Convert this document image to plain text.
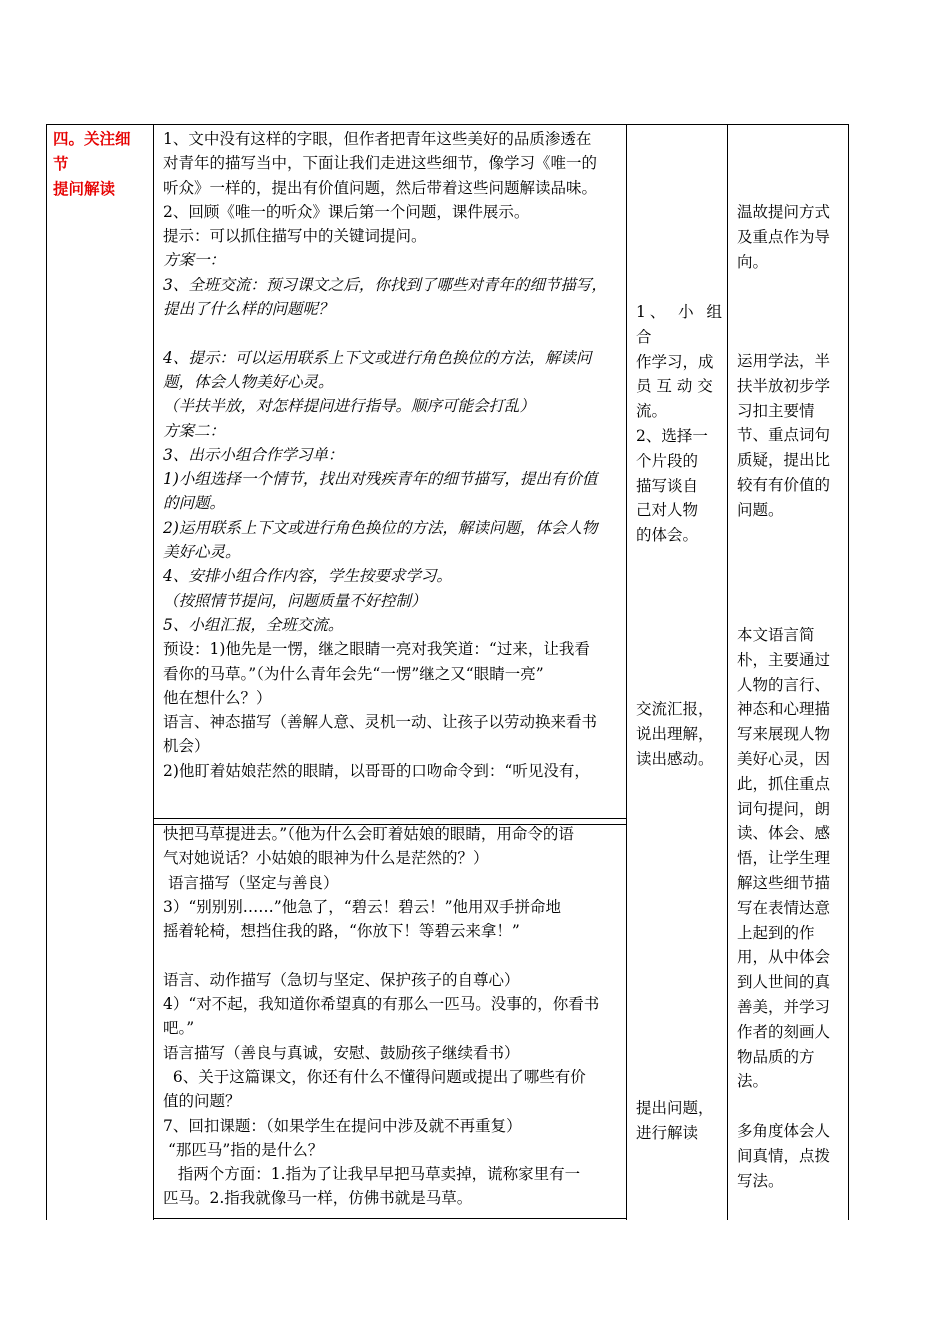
四。关注细

节

提问解读

1、文中没有这样的字眼，但作者把青年这些美好的品质渗透在

对青年的描写当中，下面让我们走进这些细节，像学习《唯一的

听众》一样的，提出有价值问题，然后带着这些问题解读品味。

2、回顾《唯一的听众》课后第一个问题，课件展示。

提示：可以抓住描写中的关键词提问。

方案一：

3、全班交流：预习课文之后，你找到了哪些对青年的细节描写，

提出了什么样的问题呢？

4、提示：可以运用联系上下文或进行角色换位的方法，解读问

题，体会人物美好心灵。

（半扶半放，对怎样提问进行指导。顺序可能会打乱）

方案二：

3、出示小组合作学习单：

1)小组选择一个情节，找出对残疾青年的细节描写，提出有价值

的问题。

2)运用联系上下文或进行角色换位的方法，解读问题，体会人物

美好心灵。

4、安排小组合作内容，学生按要求学习。

（按照情节提问，问题质量不好控制）

5、小组汇报，全班交流。

预设：1)他先是一愣，继之眼睛一亮对我笑道：“过来，让我看

看你的马草。”（为什么青年会先“一愣”继之又“眼睛一亮”

他在想什么？）

语言、神态描写（善解人意、灵机一动、让孩子以劳动换来看书

机会）

2)他盯着姑娘茫然的眼睛，以哥哥的口吻命令到：“听见没有，

快把马草提进去。”（他为什么会盯着姑娘的眼睛，用命令的语

气对她说话？小姑娘的眼神为什么是茫然的？）

语言描写（坚定与善良）

3）“别别别……”他急了，“碧云！碧云！”他用双手拼命地

摇着轮椅，想挡住我的路，“你放下！等碧云来拿！”

语言、动作描写（急切与坚定、保护孩子的自尊心）

4）“对不起，我知道你希望真的有那么一匹马。没事的，你看书

吧。”

语言描写（善良与真诚，安慰、鼓励孩子继续看书）

6、关于这篇课文，你还有什么不懂得问题或提出了哪些有价

值的问题？

7、回扣课题：（如果学生在提问中涉及就不再重复）

“那匹马”指的是什么？

指两个方面：1.指为了让我早早把马草卖掉，谎称家里有一

匹马。2.指我就像马一样，仿佛书就是马草。

1、 小 组 合

作学习，成

员 互 动 交

流。

2、选择一

个片段的

描写谈自

己对人物

的体会。

交流汇报，

说出理解，

读出感动。

提出问题，

进行解读

温故提问方式

及重点作为导

向。

运用学法，半

扶半放初步学

习扣主要情

节、重点词句

质疑，提出比

较有有价值的

问题。

本文语言简

朴，主要通过

人物的言行、

神态和心理描

写来展现人物

美好心灵，因

此，抓住重点

词句提问，朗

读、体会、感

悟，让学生理

解这些细节描

写在表情达意

上起到的作

用，从中体会

到人世间的真

善美，并学习

作者的刻画人

物品质的方

法。

多角度体会人

间真情，点拨

写法。
